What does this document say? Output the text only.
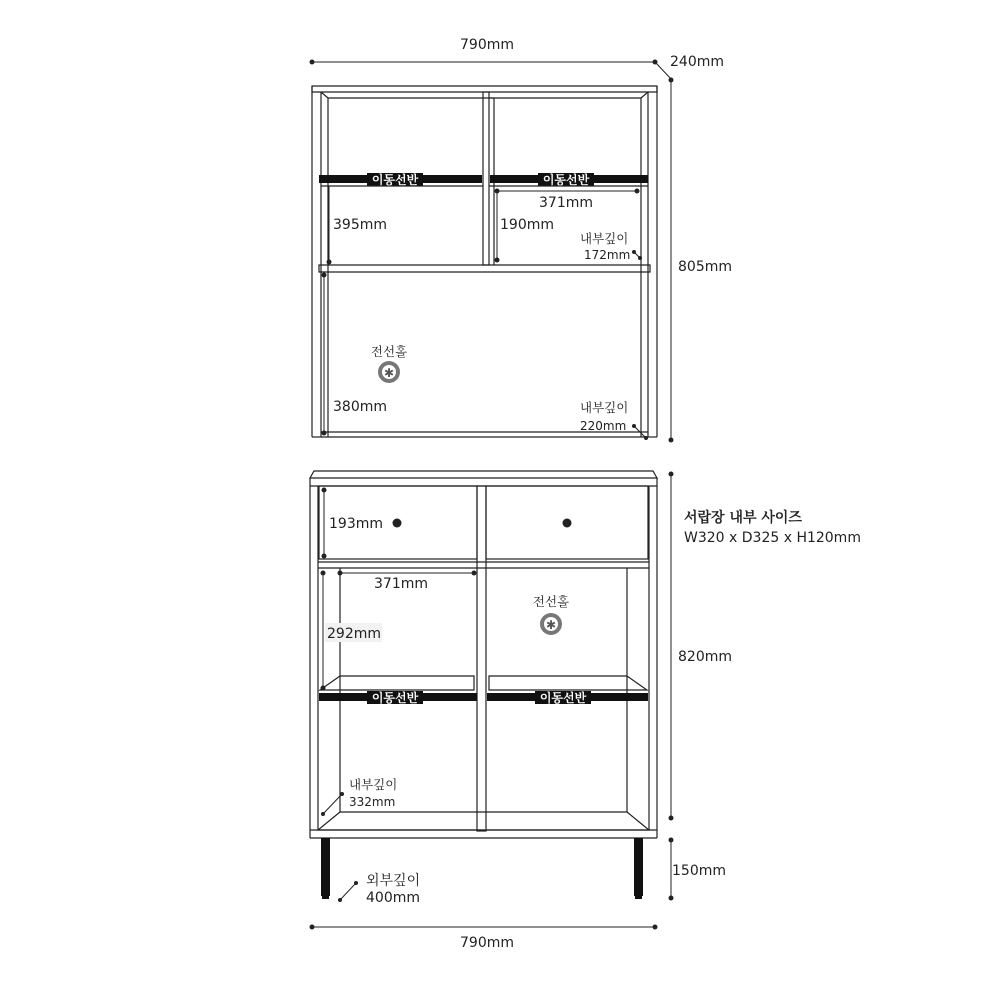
790mm
240mm
805mm
이동선반	이동선반
371mm
395mm	190mm
내부깊이
172mm
전선홀
✱
380mm	내부깊이
220mm
193mm	서랍장 내부 사이즈
W320 x D325 x H120mm
820mm
371mm
292mm
전선홀
✱
이동선반	이동선반
내부깊이
332mm
150mm
외부깊이
400mm
790mm
